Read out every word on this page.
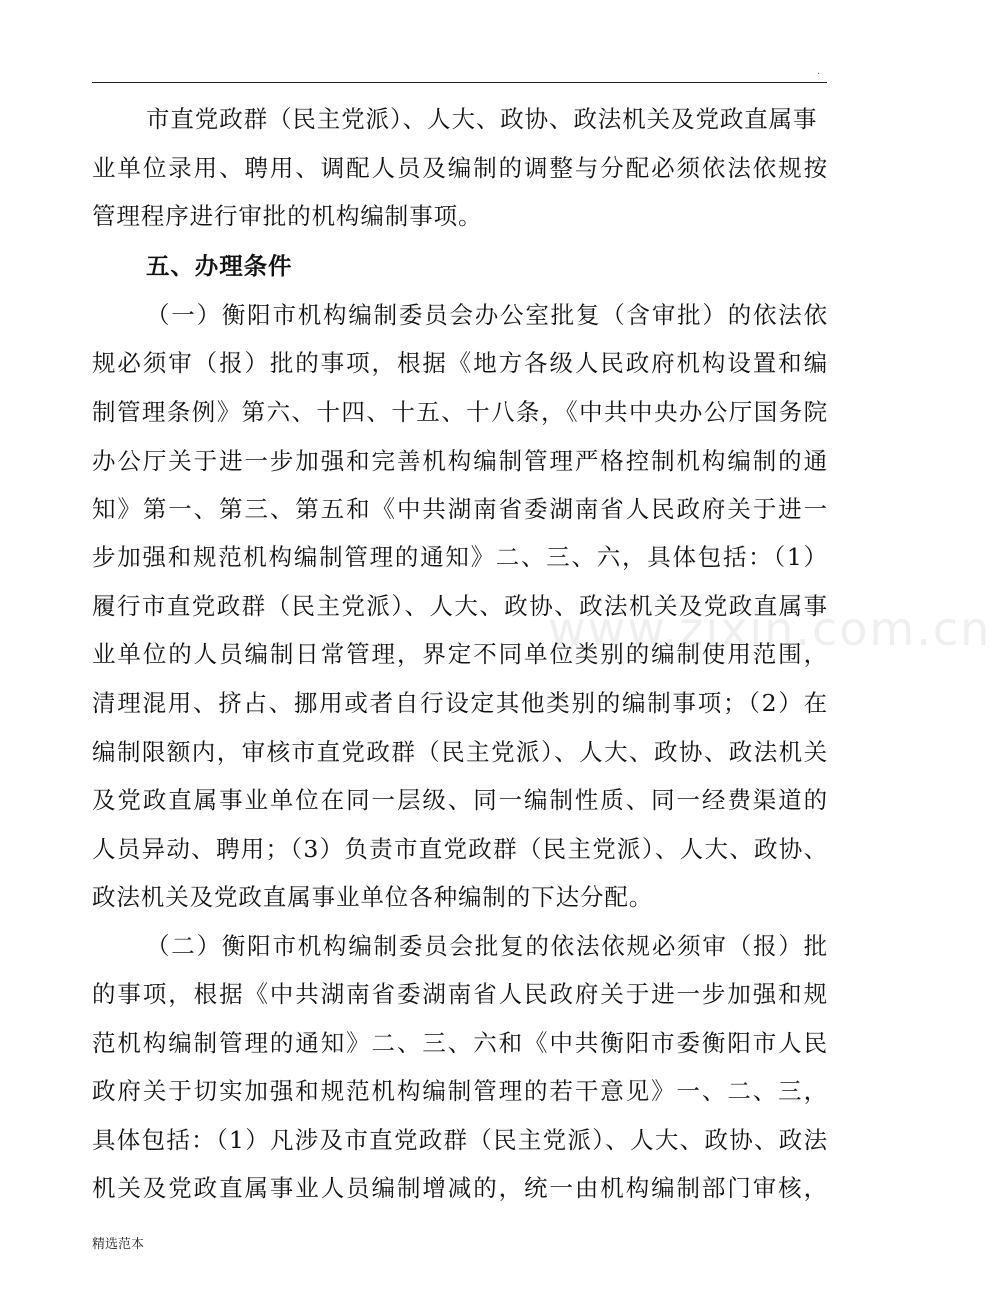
.
www.zixin.com.cn
市直党政群（民主党派）、人大、政协、政法机关及党政直属事
业单位录用、聘用、调配人员及编制的调整与分配必须依法依规按
管理程序进行审批的机构编制事项。
五、办理条件
（一）衡阳市机构编制委员会办公室批复（含审批）的依法依
规必须审（报）批的事项，根据《地方各级人民政府机构设置和编
制管理条例》第六、十四、十五、十八条，《中共中央办公厅国务院
办公厅关于进一步加强和完善机构编制管理严格控制机构编制的通
知》第一、第三、第五和《中共湖南省委湖南省人民政府关于进一
步加强和规范机构编制管理的通知》二、三、六，具体包括：（1）
履行市直党政群（民主党派）、人大、政协、政法机关及党政直属事
业单位的人员编制日常管理，界定不同单位类别的编制使用范围，
清理混用、挤占、挪用或者自行设定其他类别的编制事项；（2）在
编制限额内，审核市直党政群（民主党派）、人大、政协、政法机关
及党政直属事业单位在同一层级、同一编制性质、同一经费渠道的
人员异动、聘用；（3）负责市直党政群（民主党派）、人大、政协、
政法机关及党政直属事业单位各种编制的下达分配。
（二）衡阳市机构编制委员会批复的依法依规必须审（报）批
的事项，根据《中共湖南省委湖南省人民政府关于进一步加强和规
范机构编制管理的通知》二、三、六和《中共衡阳市委衡阳市人民
政府关于切实加强和规范机构编制管理的若干意见》一、二、三，
具体包括：（1）凡涉及市直党政群（民主党派）、人大、政协、政法
机关及党政直属事业人员编制增减的，统一由机构编制部门审核，
精选范本
